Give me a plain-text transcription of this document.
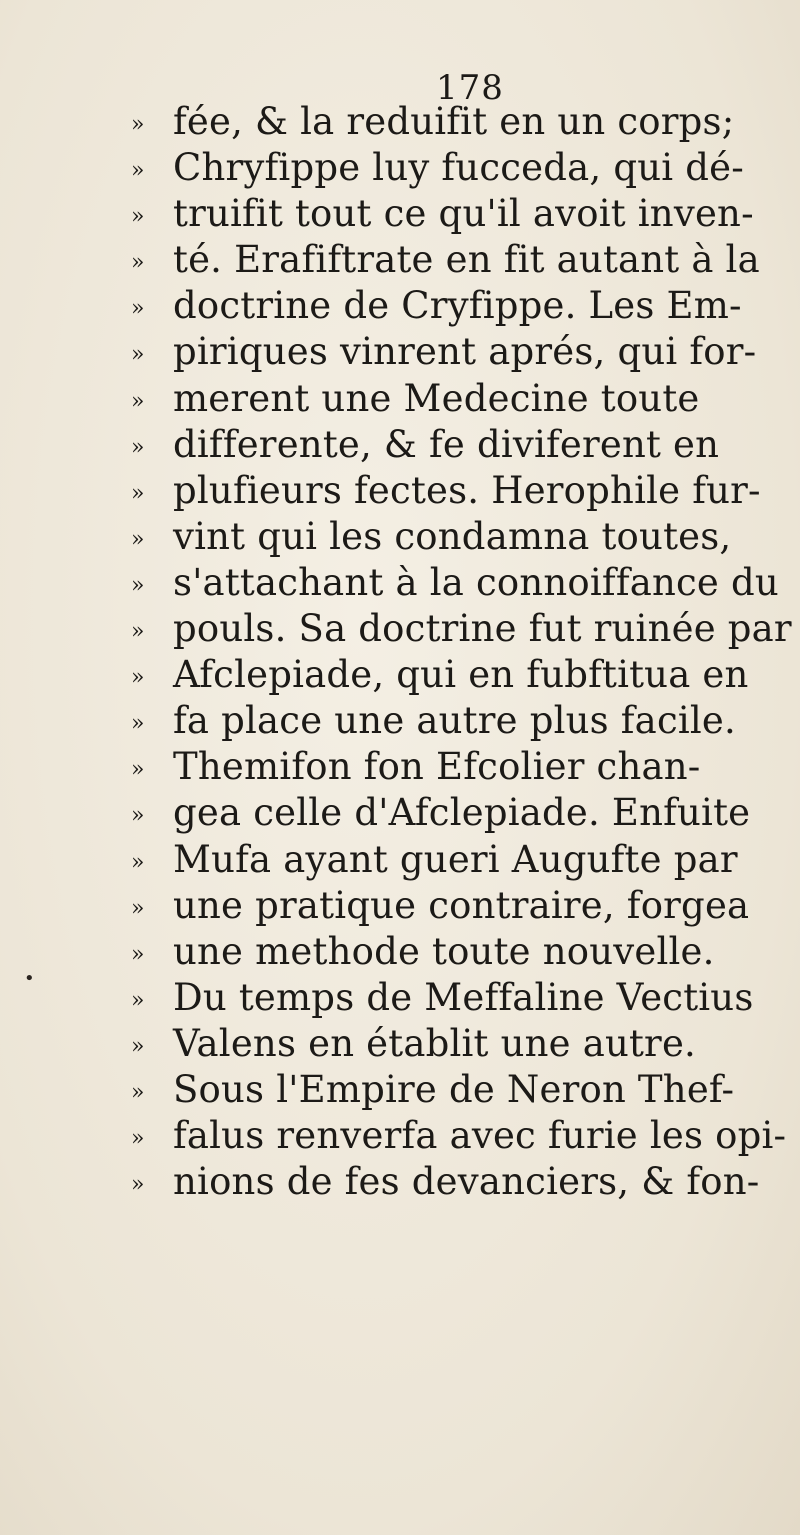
178
•
» fée, & la reduifit en un corps;
» Chryfippe luy fucceda, qui dé-
» truifit tout ce qu'il avoit inven-
» té. Erafiftrate en fit autant à la
» doctrine de Cryfippe. Les Em-
» piriques vinrent aprés, qui for-
» merent une Medecine toute
» differente, & fe diviferent en
» plufieurs fectes. Herophile fur-
» vint qui les condamna toutes,
» s'attachant à la connoiffance du
» pouls. Sa doctrine fut ruinée par
» Afclepiade, qui en fubftitua en
» fa place une autre plus facile.
» Themifon fon Efcolier chan-
» gea celle d'Afclepiade. Enfuite
» Mufa ayant gueri Augufte par
» une pratique contraire, forgea
» une methode toute nouvelle.
» Du temps de Meffaline Vectius
» Valens en établit une autre.
» Sous l'Empire de Neron Thef-
» falus renverfa avec furie les opi-
» nions de fes devanciers, & fon-
